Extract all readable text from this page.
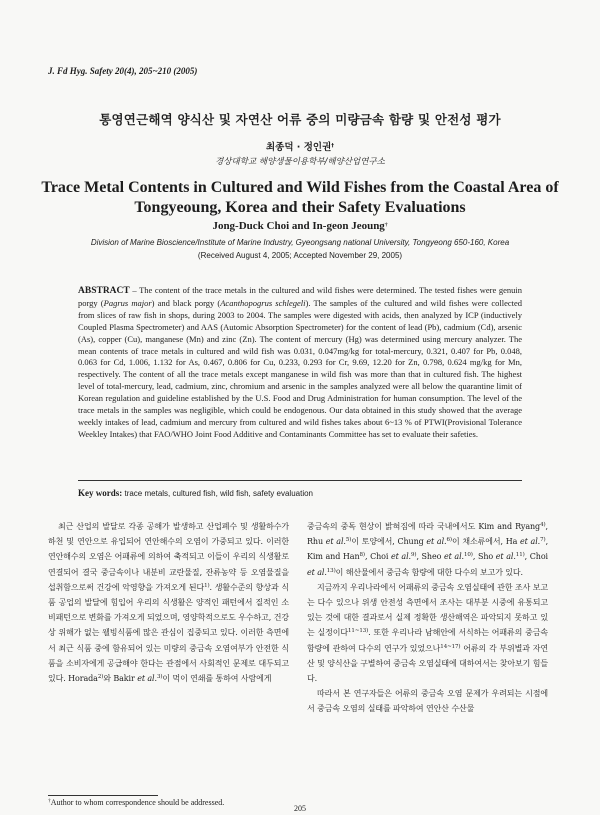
J. Fd Hyg. Safety 20(4), 205~210 (2005)
통영연근해역 양식산 및 자연산 어류 중의 미량금속 함량 및 안전성 평가
최종덕 · 정인권†
경상대학교 해양생물이용학부/해양산업연구소
Trace Metal Contents in Cultured and Wild Fishes from the Coastal Area of Tongyeoung, Korea and their Safety Evaluations
Jong-Duck Choi and In-geon Jeoung†
Division of Marine Bioscience/Institute of Marine Industry, Gyeongsang national University, Tongyeong 650-160, Korea
(Received August 4, 2005; Accepted November 29, 2005)
ABSTRACT – The content of the trace metals in the cultured and wild fishes were determined. The tested fishes were genuin porgy (Pagrus major) and black porgy (Acanthopogrus schlegeli). The samples of the cultured and wild fishes were collected from slices of raw fish in shops, during 2003 to 2004. The samples were digested with acids, then analyzed by ICP (inductively Coupled Plasma Spectrometer) and AAS (Automic Absorption Spectrometer) for the content of lead (Pb), cadmium (Cd), arsenic (As), copper (Cu), manganese (Mn) and zinc (Zn). The content of mercury (Hg) was determined using mercury analyzer. The mean contents of trace metals in cultured and wild fish was 0.031, 0.047mg/kg for total-mercury, 0.321, 0.407 for Pb, 0.048, 0.063 for Cd, 1.006, 1.132 for As, 0.467, 0.806 for Cu, 0.233, 0.293 for Cr, 9.69, 12.20 for Zn, 0.798, 0.624 mg/kg for Mn, respectively. The content of all the trace metals except manganese in wild fish was more than that in cultured fish. The highest level of total-mercury, lead, cadmium, zinc, chromium and arsenic in the samples analyzed were all below the quarantine limit of Korean regulation and guideline established by the U.S. Food and Drug Administration for human consumption. The level of the trace metals in the samples was negligible, which could be endogenous. Our data obtained in this study showed that the average weekly intakes of lead, cadmium and mercury from cultured and wild fishes takes about 6~13 % of PTWI(Provisional Tolerance Weekley Intakes) that FAO/WHO Joint Food Additive and Contaminants Committee has set to evaluate their safeties.
Key words: trace metals, cultured fish, wild fish, safety evaluation

최근 산업의 발달로 각종 공해가 발생하고 산업폐수 및 생활하수가 하천 및 연안으로 유입되어 연안해수의 오염이 가중되고 있다. 이러한 연안해수의 오염은 어패류에 의하여 축적되고 이들이 우리의 식생활로 연결되어 결국 중금속이나 내분비 교란물질, 잔류농약 등 오염물질을 섭취함으로써 건강에 악영향을 가져오게 된다$^{1)}$. 생활수준의 향상과 식품 공업의 발달에 힘입어 우리의 식생활은 양적인 패턴에서 질적인 소비패턴으로 변화를 가져오게 되었으며, 영양학적으로도 우수하고, 건강상 위해가 없는 웰빙식품에 많은 관심이 집중되고 있다. 이러한 측면에서 최근 식품 중에 함유되어 있는 미량의 중금속 오염여부가 안전한 식품을 소비자에게 공급해야 한다는 관점에서 사회적인 문제로 대두되고 있다. Horada$^{2)}$와 Bakir et al.$^{3)}$이 먹이 연쇄를 통하여 사람에게

중금속의 중독 현상이 밝혀짐에 따라 국내에서도 Kim and Ryang$^{4)}$, Rhu et al.$^{5)}$이 토양에서, Chung et al.$^{6)}$이 채소류에서, Ha et al.$^{7)}$, Kim and Han$^{8)}$, Choi et al.$^{9)}$, Sheo et al.$^{10)}$, Sho et al.$^{11)}$, Choi et al.$^{13)}$이 해산물에서 중금속 함량에 대한 다수의 보고가 있다.

지금까지 우리나라에서 어패류의 중금속 오염실태에 관한 조사 보고는 다수 있으나 위생 안전성 측면에서 조사는 대부분 시중에 유통되고 있는 것에 대한 결과로서 실제 정확한 생산해역은 파악되지 못하고 있는 실정이다$^{11\sim 13)}$. 또한 우리나라 남해안에 서식하는 어패류의 중금속 함량에 관하여 다수의 연구가 있었으나$^{14\sim 17)}$ 어류의 각 부위별과 자연산 및 양식산을 구별하여 중금속 오염실태에 대하여서는 찾아보기 힘들다.

따라서 본 연구자들은 어류의 중금속 오염 문제가 우려되는 시점에서 중금속 오염의 실태를 파악하여 연안산 수산물

†Author to whom correspondence should be addressed.
205
